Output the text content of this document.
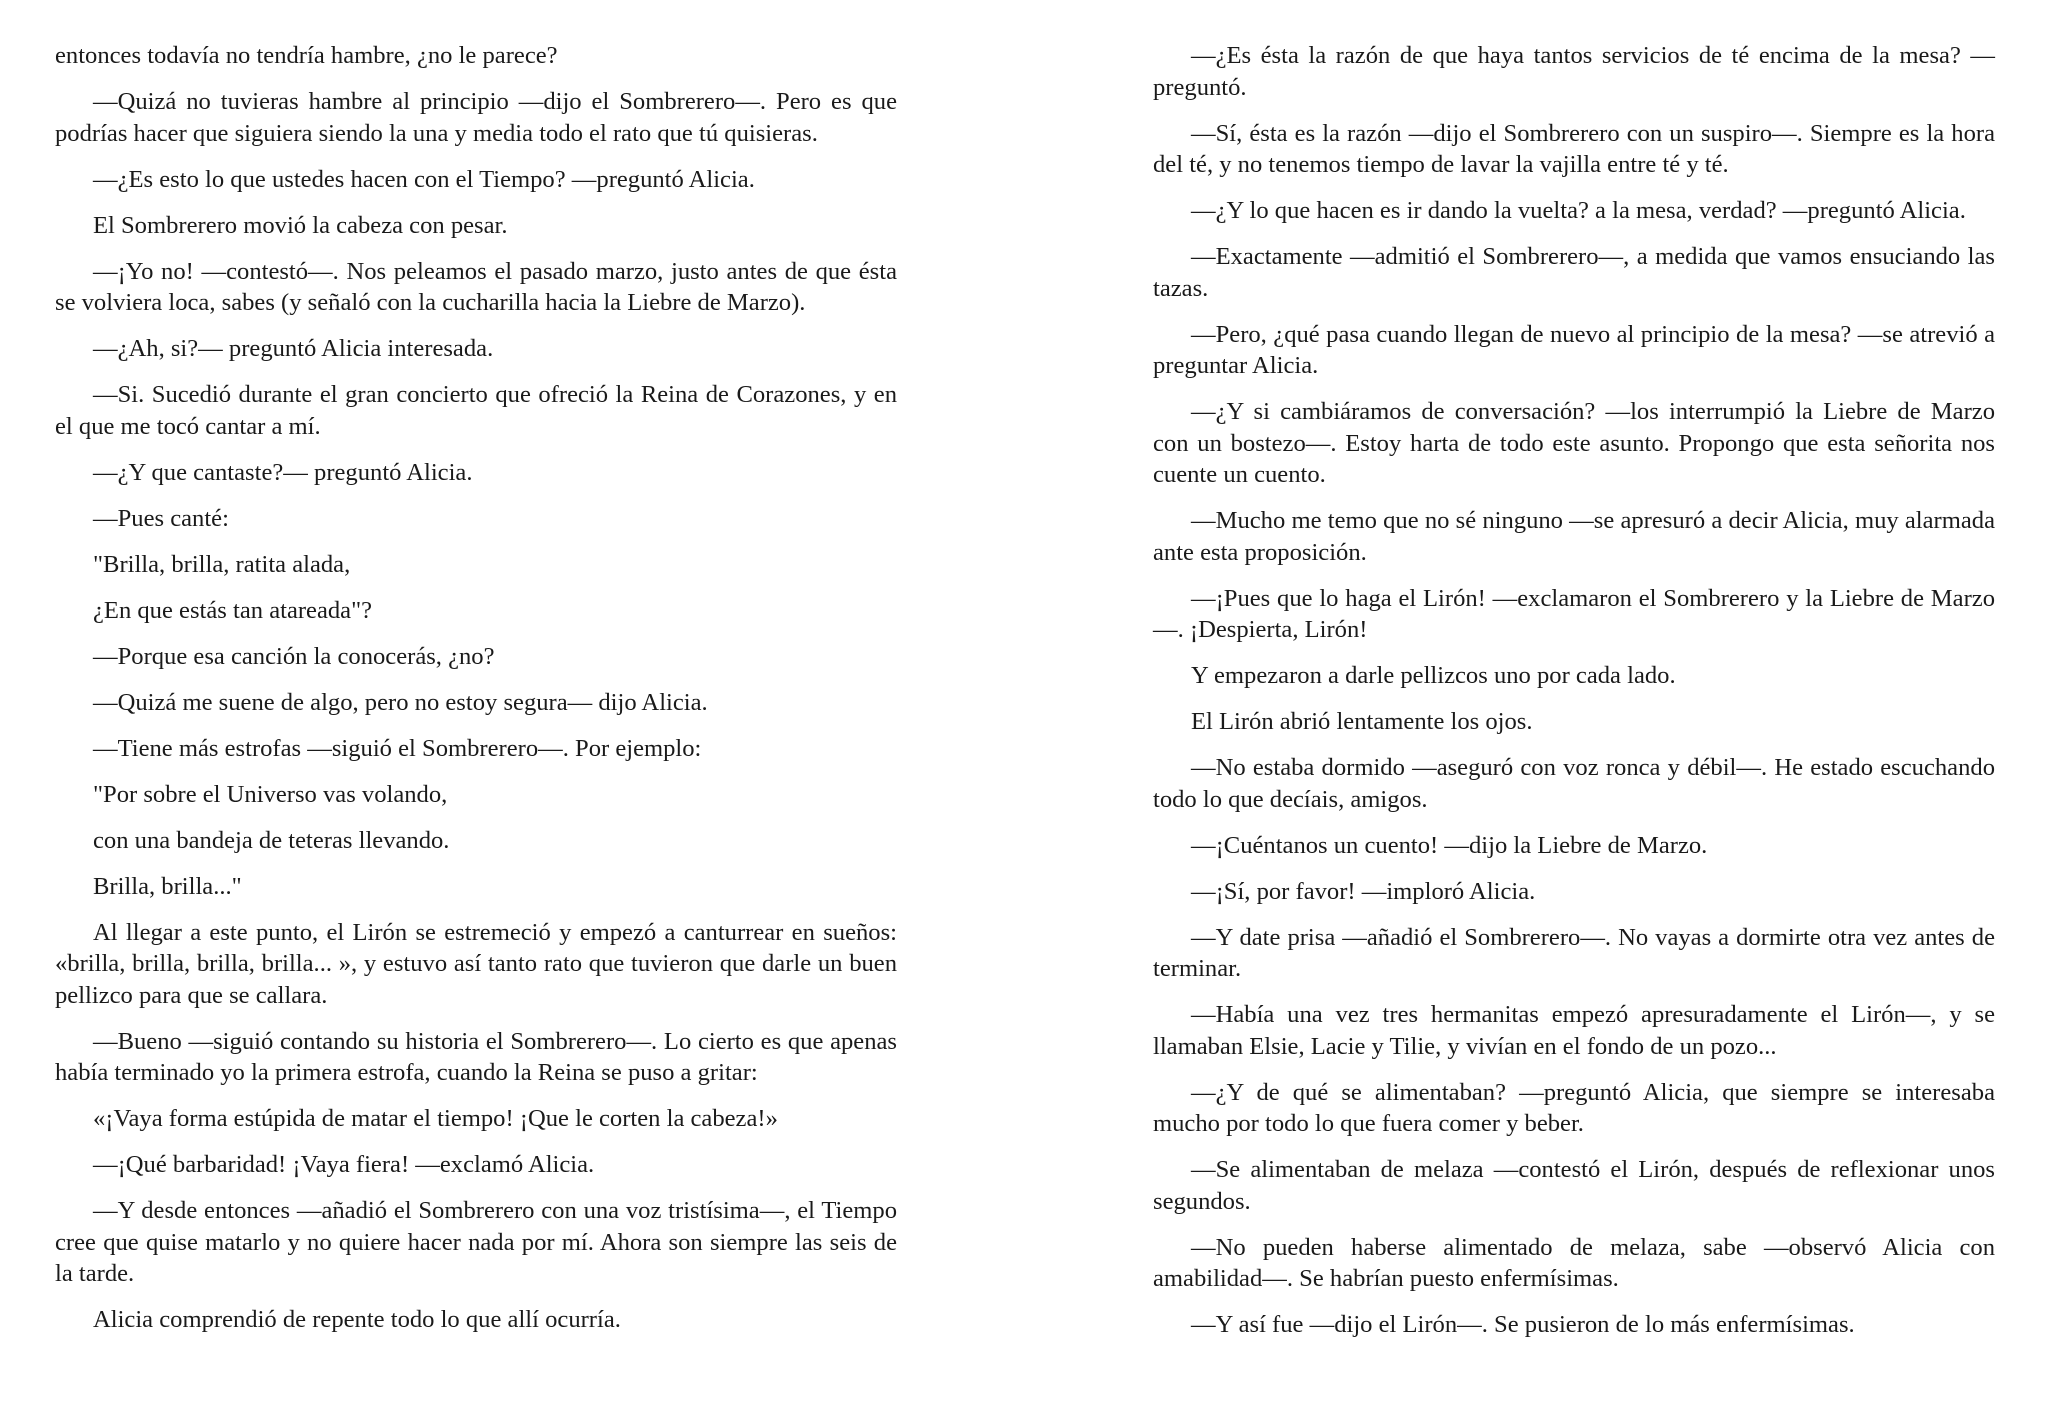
entonces todavía no tendría hambre, ¿no le parece?

—Quizá no tuvieras hambre al principio —dijo el Sombrerero—. Pero es que podrías hacer que siguiera siendo la una y media todo el rato que tú quisieras.

—¿Es esto lo que ustedes hacen con el Tiempo? —preguntó Alicia.

El Sombrerero movió la cabeza con pesar.

—¡Yo no! —contestó—. Nos peleamos el pasado marzo, justo antes de que ésta se volviera loca, sabes (y señaló con la cucharilla hacia la Liebre de Marzo).

—¿Ah, si?— preguntó Alicia interesada.

—Si. Sucedió durante el gran concierto que ofreció la Reina de Corazones, y en el que me tocó cantar a mí.

—¿Y que cantaste?— preguntó Alicia.

—Pues canté:

"Brilla, brilla, ratita alada,

¿En que estás tan atareada"?

—Porque esa canción la conocerás, ¿no?

—Quizá me suene de algo, pero no estoy segura— dijo Alicia.

—Tiene más estrofas —siguió el Sombrerero—. Por ejemplo:

"Por sobre el Universo vas volando,

con una bandeja de teteras llevando.

Brilla, brilla..."

Al llegar a este punto, el Lirón se estremeció y empezó a canturrear en sueños: «brilla, brilla, brilla, brilla... », y estuvo así tanto rato que tuvieron que darle un buen pellizco para que se callara.

—Bueno —siguió contando su historia el Sombrerero—. Lo cierto es que apenas había terminado yo la primera estrofa, cuando la Reina se puso a gritar:

«¡Vaya forma estúpida de matar el tiempo! ¡Que le corten la cabeza!»

—¡Qué barbaridad! ¡Vaya fiera! —exclamó Alicia.

—Y desde entonces —añadió el Sombrerero con una voz tristísima—, el Tiempo cree que quise matarlo y no quiere hacer nada por mí. Ahora son siempre las seis de la tarde.

Alicia comprendió de repente todo lo que allí ocurría.

—¿Es ésta la razón de que haya tantos servicios de té encima de la mesa? —preguntó.

—Sí, ésta es la razón —dijo el Sombrerero con un suspiro—. Siempre es la hora del té, y no tenemos tiempo de lavar la vajilla entre té y té.

—¿Y lo que hacen es ir dando la vuelta? a la mesa, verdad? —preguntó Alicia.

—Exactamente —admitió el Sombrerero—, a medida que vamos ensuciando las tazas.

—Pero, ¿qué pasa cuando llegan de nuevo al principio de la mesa? —se atrevió a preguntar Alicia.

—¿Y si cambiáramos de conversación? —los interrumpió la Liebre de Marzo con un bostezo—. Estoy harta de todo este asunto. Propongo que esta señorita nos cuente un cuento.

—Mucho me temo que no sé ninguno —se apresuró a decir Alicia, muy alarmada ante esta proposición.

—¡Pues que lo haga el Lirón! —exclamaron el Sombrerero y la Liebre de Marzo—. ¡Despierta, Lirón!

Y empezaron a darle pellizcos uno por cada lado.

El Lirón abrió lentamente los ojos.

—No estaba dormido —aseguró con voz ronca y débil—. He estado escuchando todo lo que decíais, amigos.

—¡Cuéntanos un cuento! —dijo la Liebre de Marzo.

—¡Sí, por favor! —imploró Alicia.

—Y date prisa —añadió el Sombrerero—. No vayas a dormirte otra vez antes de terminar.

—Había una vez tres hermanitas empezó apresuradamente el Lirón—, y se llamaban Elsie, Lacie y Tilie, y vivían en el fondo de un pozo...

—¿Y de qué se alimentaban? —preguntó Alicia, que siempre se interesaba mucho por todo lo que fuera comer y beber.

—Se alimentaban de melaza —contestó el Lirón, después de reflexionar unos segundos.

—No pueden haberse alimentado de melaza, sabe —observó Alicia con amabilidad—. Se habrían puesto enfermísimas.

—Y así fue —dijo el Lirón—. Se pusieron de lo más enfermísimas.
